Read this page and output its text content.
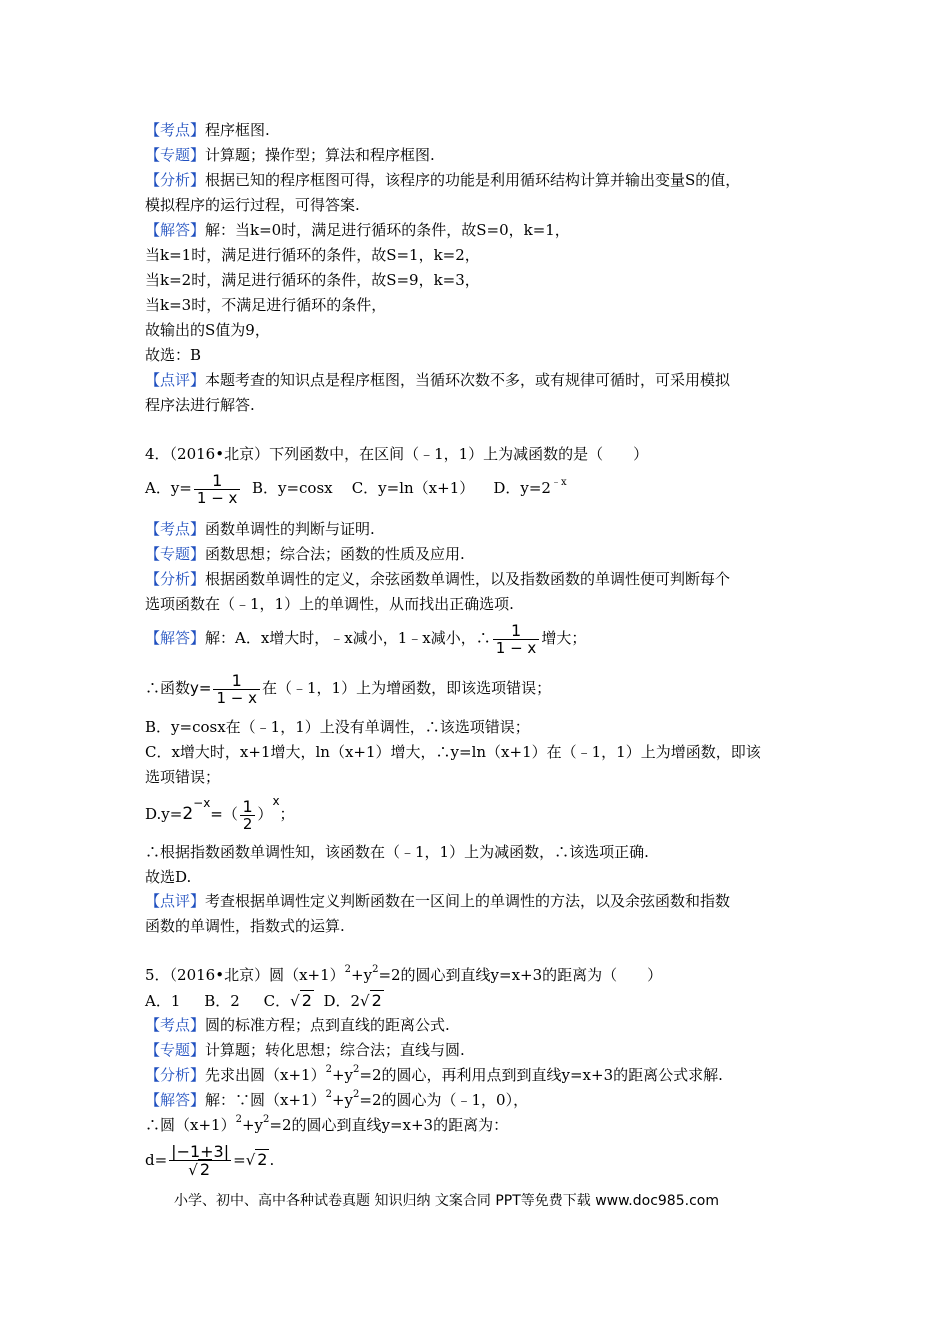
【考点】程序框图.
【专题】计算题；操作型；算法和程序框图.
【分析】根据已知的程序框图可得，该程序的功能是利用循环结构计算并输出变量S的值，
模拟程序的运行过程，可得答案.
【解答】解：当k=0时，满足进行循环的条件，故S=0，k=1，
当k=1时，满足进行循环的条件，故S=1，k=2，
当k=2时，满足进行循环的条件，故S=9，k=3，
当k=3时，不满足进行循环的条件，
故输出的S值为9，
故选：B
【点评】本题考查的知识点是程序框图，当循环次数不多，或有规律可循时，可采用模拟
程序法进行解答.
4．（2016•北京）下列函数中，在区间（﹣1，1）上为减函数的是（　　）
A．$y= \frac{1}{1 - x}$ B．y=cosx C．y=ln（x+1） D．$y=2^{﹣x}$
【考点】函数单调性的判断与证明.
【专题】函数思想；综合法；函数的性质及应用.
【分析】根据函数单调性的定义，余弦函数单调性，以及指数函数的单调性便可判断每个
选项函数在（﹣1，1）上的单调性，从而找出正确选项.
【解答】解：A．x增大时，﹣x减小，1﹣x减小，∴ $\frac{1}{1 - x}$ 增大；
∴函数$y= \frac{1}{1 - x}$ 在（﹣1，1）上为增函数，即该选项错误；
B．y=cosx在（﹣1，1）上没有单调性，∴该选项错误；
C．x增大时，x+1增大，ln（x+1）增大，∴y=ln（x+1）在（﹣1，1）上为增函数，即该
选项错误；
$D.y=2^{-x}=( \frac{1}{2} )^x$；
∴根据指数函数单调性知，该函数在（﹣1，1）上为减函数，∴该选项正确.
故选D.
【点评】考查根据单调性定义判断函数在一区间上的单调性的方法，以及余弦函数和指数
函数的单调性，指数式的运算.
5．（2016•北京）圆$(x+1)^2+y^2=2$的圆心到直线y=x+3的距离为（　　）
A．1 B．2 C．√ 2 D．2√ 2
【考点】圆的标准方程；点到直线的距离公式.
【专题】计算题；转化思想；综合法；直线与圆.
【分析】先求出圆$(x+1)^2+y^2=2$的圆心，再利用点到到直线y=x+3的距离公式求解.
【解答】解：∵圆$(x+1)^2+y^2=2$的圆心为（﹣1，0），
∴圆$(x+1)^2+y^2=2$的圆心到直线y=x+3的距离为：
$d= \frac{|-1+3|}{√ 2}$ =√ 2 .
小学、初中、高中各种试卷真题 知识归纳 文案合同 PPT等免费下载 www.doc985.com
